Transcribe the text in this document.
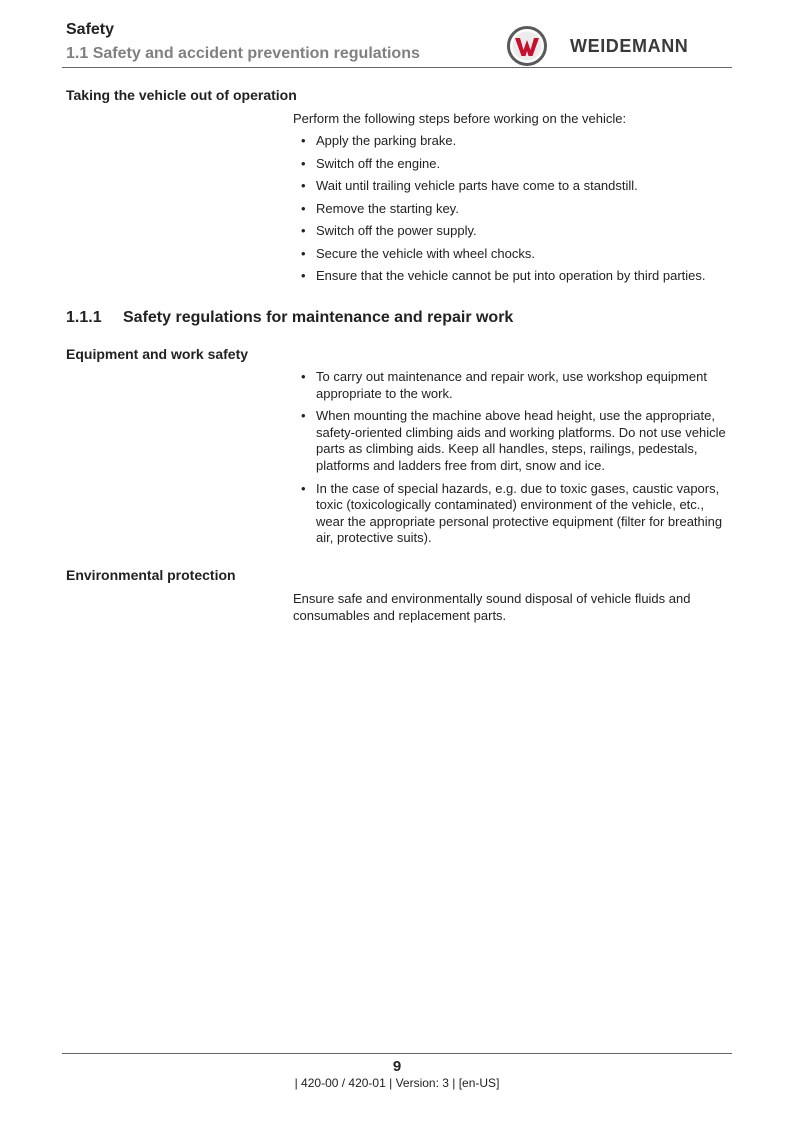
Safety
1.1 Safety and accident prevention regulations	WEIDEMANN
Taking the vehicle out of operation
Perform the following steps before working on the vehicle:
• Apply the parking brake.
• Switch off the engine.
• Wait until trailing vehicle parts have come to a standstill.
• Remove the starting key.
• Switch off the power supply.
• Secure the vehicle with wheel chocks.
• Ensure that the vehicle cannot be put into operation by third parties.
1.1.1 Safety regulations for maintenance and repair work
Equipment and work safety
• To carry out maintenance and repair work, use workshop equipment appropriate to the work.
• When mounting the machine above head height, use the appropriate, safety-oriented climbing aids and working platforms. Do not use vehicle parts as climbing aids. Keep all handles, steps, railings, pedestals, platforms and ladders free from dirt, snow and ice.
• In the case of special hazards, e.g. due to toxic gases, caustic vapors, toxic (toxicologically contaminated) environment of the vehicle, etc., wear the appropriate personal protective equipment (filter for breathing air, protective suits).
Environmental protection
Ensure safe and environmentally sound disposal of vehicle fluids and consumables and replacement parts.
9
| 420-00 / 420-01 | Version: 3 | [en-US]
